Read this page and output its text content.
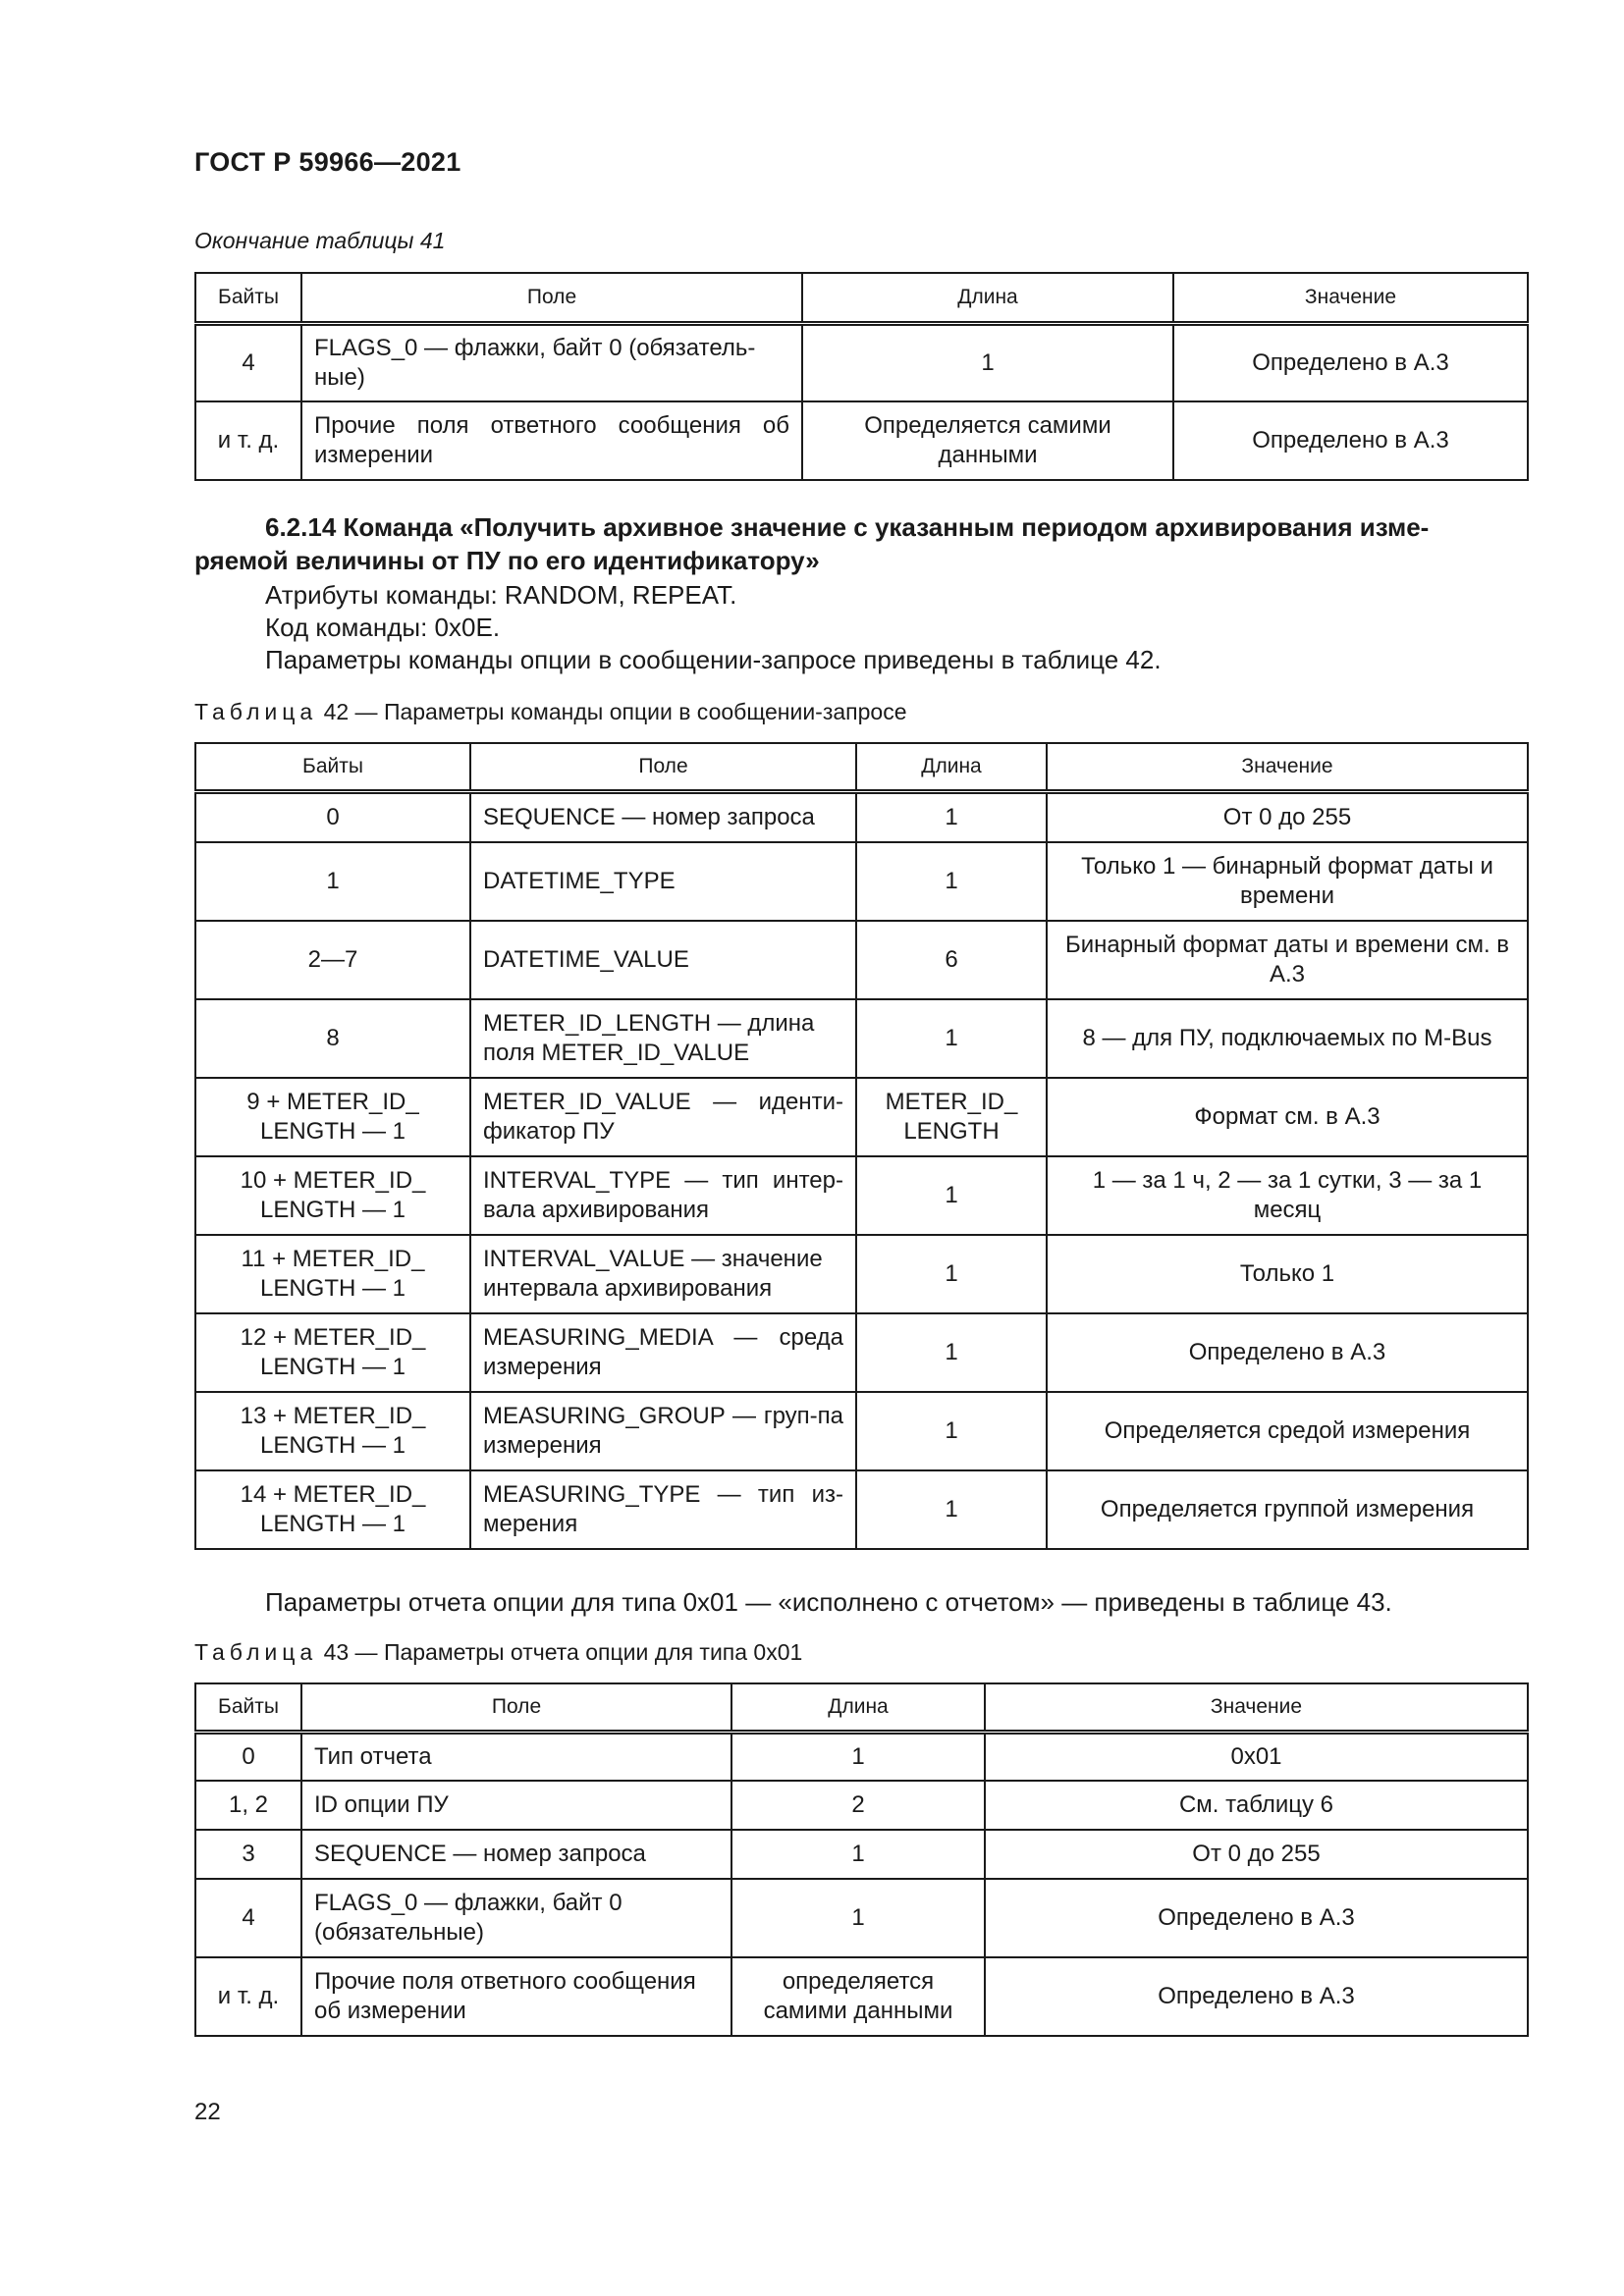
ГОСТ Р 59966—2021
Окончание таблицы 41
Байты	Поле	Длина	Значение
4	FLAGS_0 — флажки, байт 0 (обязатель-ные)	1	Определено в А.3
и т. д.	Прочие поля ответного сообщения об измерении	Определяется самими данными	Определено в А.3
6.2.14 Команда «Получить архивное значение с указанным периодом архивирования изме-
ряемой величины от ПУ по его идентификатору»
Атрибуты команды: RANDOM, REPEAT.
Код команды: 0x0E.
Параметры команды опции в сообщении-запросе приведены в таблице 42.
Таблица 42 — Параметры команды опции в сообщении-запросе
Байты	Поле	Длина	Значение
0	SEQUENCE — номер запроса	1	От 0 до 255
1	DATETIME_TYPE	1	Только 1 — бинарный формат даты и времени
2—7	DATETIME_VALUE	6	Бинарный формат даты и времени см. в А.3
8	METER_ID_LENGTH — длина поля METER_ID_VALUE	1	8 — для ПУ, подключаемых по M-Bus
9 + METER_ID_ LENGTH — 1	METER_ID_VALUE — иденти-фикатор ПУ	METER_ID_ LENGTH	Формат см. в А.3
10 + METER_ID_ LENGTH — 1	INTERVAL_TYPE — тип интер-вала архивирования	1	1 — за 1 ч, 2 — за 1 сутки, 3 — за 1 месяц
11 + METER_ID_ LENGTH — 1	INTERVAL_VALUE — значение интервала архивирования	1	Только 1
12 + METER_ID_ LENGTH — 1	MEASURING_MEDIA — среда измерения	1	Определено в А.3
13 + METER_ID_ LENGTH — 1	MEASURING_GROUP — груп-па измерения	1	Определяется средой измерения
14 + METER_ID_ LENGTH — 1	MEASURING_TYPE — тип из-мерения	1	Определяется группой измерения
Параметры отчета опции для типа 0x01 — «исполнено с отчетом» — приведены в таблице 43.
Таблица 43 — Параметры отчета опции для типа 0x01
Байты	Поле	Длина	Значение
0	Тип отчета	1	0x01
1, 2	ID опции ПУ	2	См. таблицу 6
3	SEQUENCE — номер запроса	1	От 0 до 255
4	FLAGS_0 — флажки, байт 0 (обязательные)	1	Определено в А.3
и т. д.	Прочие поля ответного сообщения об измерении	определяется самими данными	Определено в А.3
22
